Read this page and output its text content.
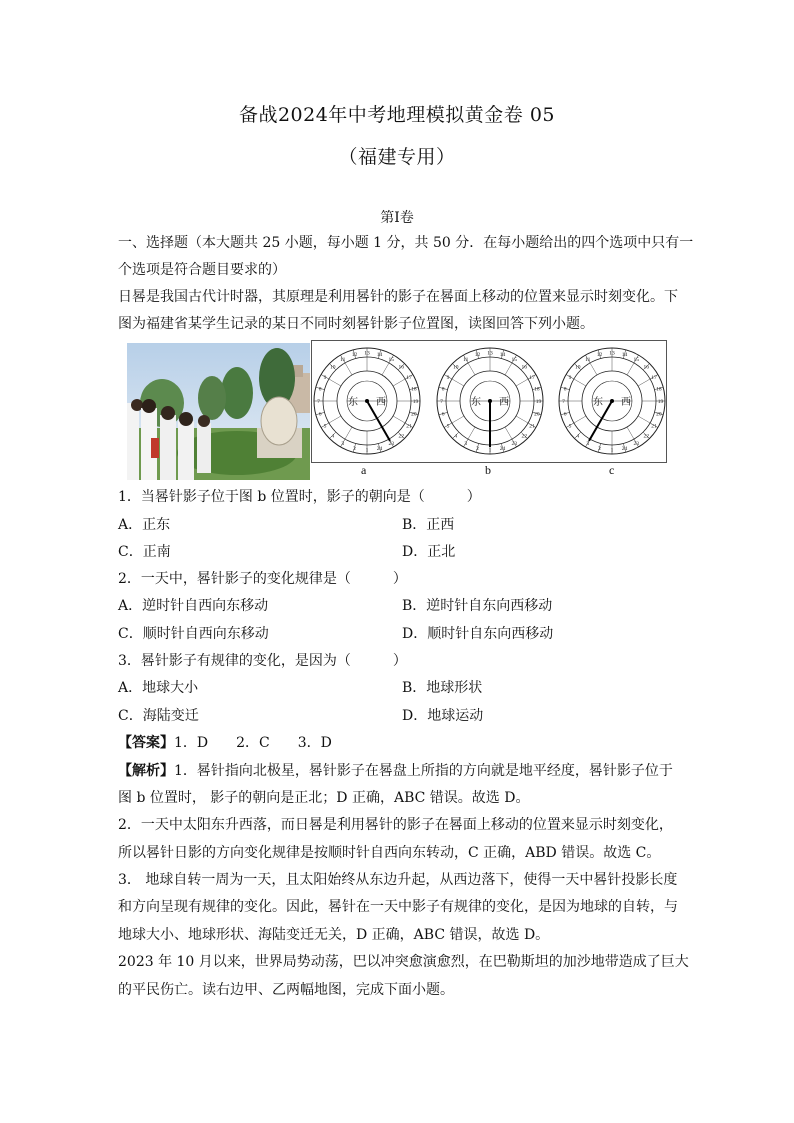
备战2024年中考地理模拟黄金卷 05
（福建专用）
第Ⅰ卷
一、选择题（本大题共 25 小题，每小题 1 分，共 50 分．在每小题给出的四个选项中只有一
个选项是符合题目要求的）
日晷是我国古代计时器，其原理是利用晷针的影子在晷面上移动的位置来显示时刻变化。下
图为福建省某学生记录的某日不同时刻晷针影子位置图，读图回答下列小题。
19
20
21
22
23
24
1
2
3
4
5
6
7
8
9
10
11
12 13 14
15
16
17
18
东 西	19
20
21
22
23
24
1
2
3
4
5
6
7
8
9
10
11
12 13 14
15
16
17
18
东 西	19
20
21
22
23
24
1
2
3
4
5
6
7
8
9
10
11
12 13 14
15
16
17
18
东 西
a	b	c
1．当晷针影子位于图 b 位置时，影子的朝向是（　　　）
A．正东	B．正西
C．正南	D．正北
2．一天中，晷针影子的变化规律是（　　　）
A．逆时针自西向东移动	B．逆时针自东向西移动
C．顺时针自西向东移动	D．顺时针自东向西移动
3．晷针影子有规律的变化，是因为（　　　）
A．地球大小	B．地球形状
C．海陆变迁	D．地球运动
【答案】1．D　　2．C　　3．D
【解析】1．晷针指向北极星，晷针影子在晷盘上所指的方向就是地平经度，晷针影子位于
图 b 位置时， 影子的朝向是正北；D 正确，ABC 错误。故选 D。
2．一天中太阳东升西落，而日晷是利用晷针的影子在晷面上移动的位置来显示时刻变化，
所以晷针日影的方向变化规律是按顺时针自西向东转动，C 正确，ABD 错误。故选 C。
3． 地球自转一周为一天，且太阳始终从东边升起，从西边落下，使得一天中晷针投影长度
和方向呈现有规律的变化。因此，晷针在一天中影子有规律的变化，是因为地球的自转，与
地球大小、地球形状、海陆变迁无关，D 正确，ABC 错误，故选 D。
2023 年 10 月以来，世界局势动荡，巴以冲突愈演愈烈，在巴勒斯坦的加沙地带造成了巨大
的平民伤亡。读右边甲、乙两幅地图，完成下面小题。
